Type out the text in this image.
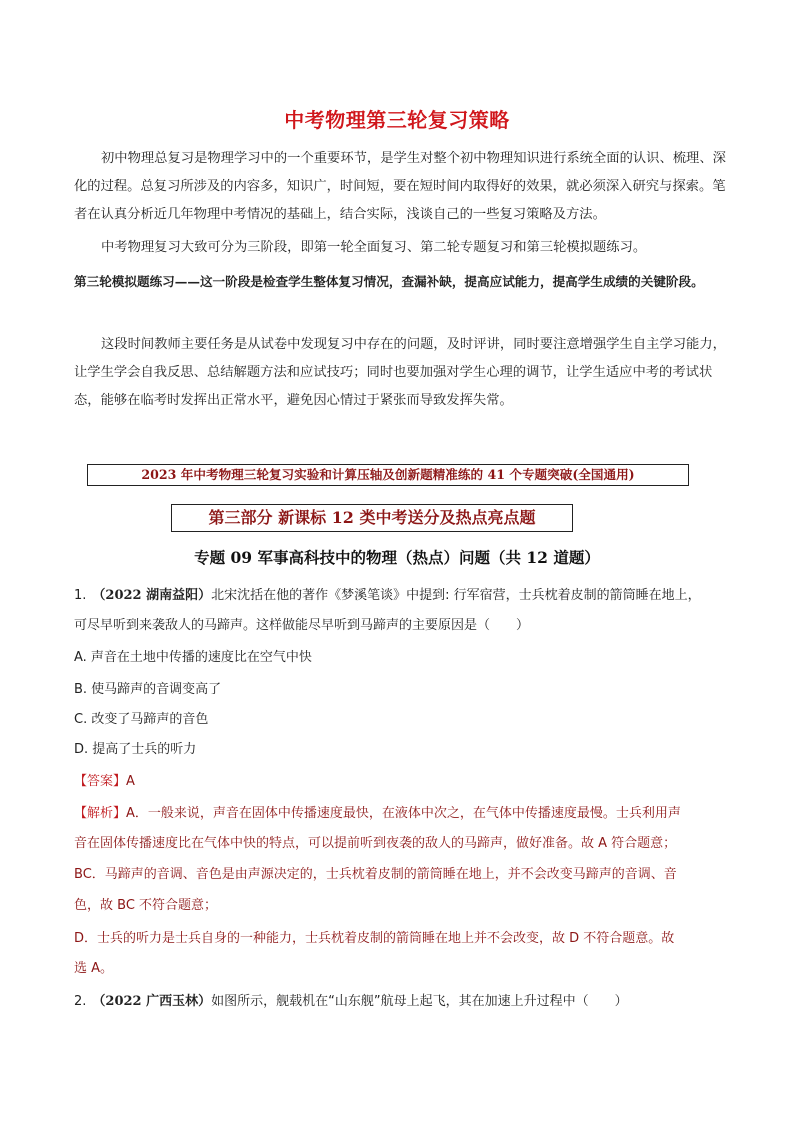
中考物理第三轮复习策略

初中物理总复习是物理学习中的一个重要环节，是学生对整个初中物理知识进行系统全面的认识、梳理、深化的过程。总复习所涉及的内容多，知识广，时间短，要在短时间内取得好的效果，就必须深入研究与探索。笔者在认真分析近几年物理中考情况的基础上，结合实际，浅谈自己的一些复习策略及方法。

中考物理复习大致可分为三阶段，即第一轮全面复习、第二轮专题复习和第三轮模拟题练习。

第三轮模拟题练习——这一阶段是检查学生整体复习情况，查漏补缺，提高应试能力，提高学生成绩的关键阶段。

这段时间教师主要任务是从试卷中发现复习中存在的问题，及时评讲，同时要注意增强学生自主学习能力，让学生学会自我反思、总结解题方法和应试技巧；同时也要加强对学生心理的调节，让学生适应中考的考试状态，能够在临考时发挥出正常水平，避免因心情过于紧张而导致发挥失常。

2023 年中考物理三轮复习实验和计算压轴及创新题精准练的 41 个专题突破(全国通用)
第三部分 新课标 12 类中考送分及热点亮点题
专题 09 军事高科技中的物理（热点）问题（共 12 道题）
1. （2022 湖南益阳）北宋沈括在他的著作《梦溪笔谈》中提到: 行军宿营，士兵枕着皮制的箭筒睡在地上，
可尽早听到来袭敌人的马蹄声。这样做能尽早听到马蹄声的主要原因是（　　）
A. 声音在土地中传播的速度比在空气中快
B. 使马蹄声的音调变高了
C. 改变了马蹄声的音色
D. 提高了士兵的听力
【答案】A
【解析】A．一般来说，声音在固体中传播速度最快，在液体中次之，在气体中传播速度最慢。士兵利用声
音在固体传播速度比在气体中快的特点，可以提前听到夜袭的敌人的马蹄声，做好准备。故 A 符合题意；
BC．马蹄声的音调、音色是由声源决定的，士兵枕着皮制的箭筒睡在地上，并不会改变马蹄声的音调、音
色，故 BC 不符合题意；
D．士兵的听力是士兵自身的一种能力，士兵枕着皮制的箭筒睡在地上并不会改变，故 D 不符合题意。故
选 A。
2. （2022 广西玉林）如图所示，舰载机在“山东舰”航母上起飞，其在加速上升过程中（　　）
